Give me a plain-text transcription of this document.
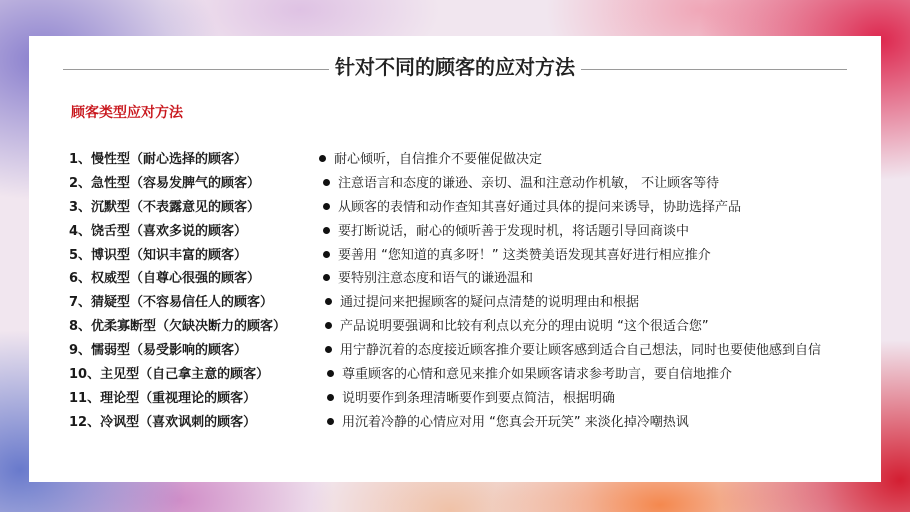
针对不同的顾客的应对方法
顾客类型应对方法
1、慢性型（耐心选择的顾客）	耐心倾听，自信推介不要催促做决定
2、急性型（容易发脾气的顾客）	注意语言和态度的谦逊、亲切、温和注意动作机敏， 不让顾客等待
3、沉默型（不表露意见的顾客）	从顾客的表情和动作查知其喜好通过具体的提问来诱导，协助选择产品
4、饶舌型（喜欢多说的顾客）	要打断说话，耐心的倾听善于发现时机，将话题引导回商谈中
5、博识型（知识丰富的顾客）	要善用 “您知道的真多呀！” 这类赞美语发现其喜好进行相应推介
6、权威型（自尊心很强的顾客）	要特别注意态度和语气的谦逊温和
7、猜疑型（不容易信任人的顾客）	通过提问来把握顾客的疑问点清楚的说明理由和根据
8、优柔寡断型（欠缺决断力的顾客）	产品说明要强调和比较有利点以充分的理由说明 “这个很适合您”
9、懦弱型（易受影响的顾客）	用宁静沉着的态度接近顾客推介要让顾客感到适合自己想法，同时也要使他感到自信
10、主见型（自己拿主意的顾客）	尊重顾客的心情和意见来推介如果顾客请求参考助言，要自信地推介
11、理论型（重视理论的顾客）	说明要作到条理清晰要作到要点简洁，根据明确
12、冷讽型（喜欢讽刺的顾客）	用沉着冷静的心情应对用 “您真会开玩笑” 来淡化掉冷嘲热讽
